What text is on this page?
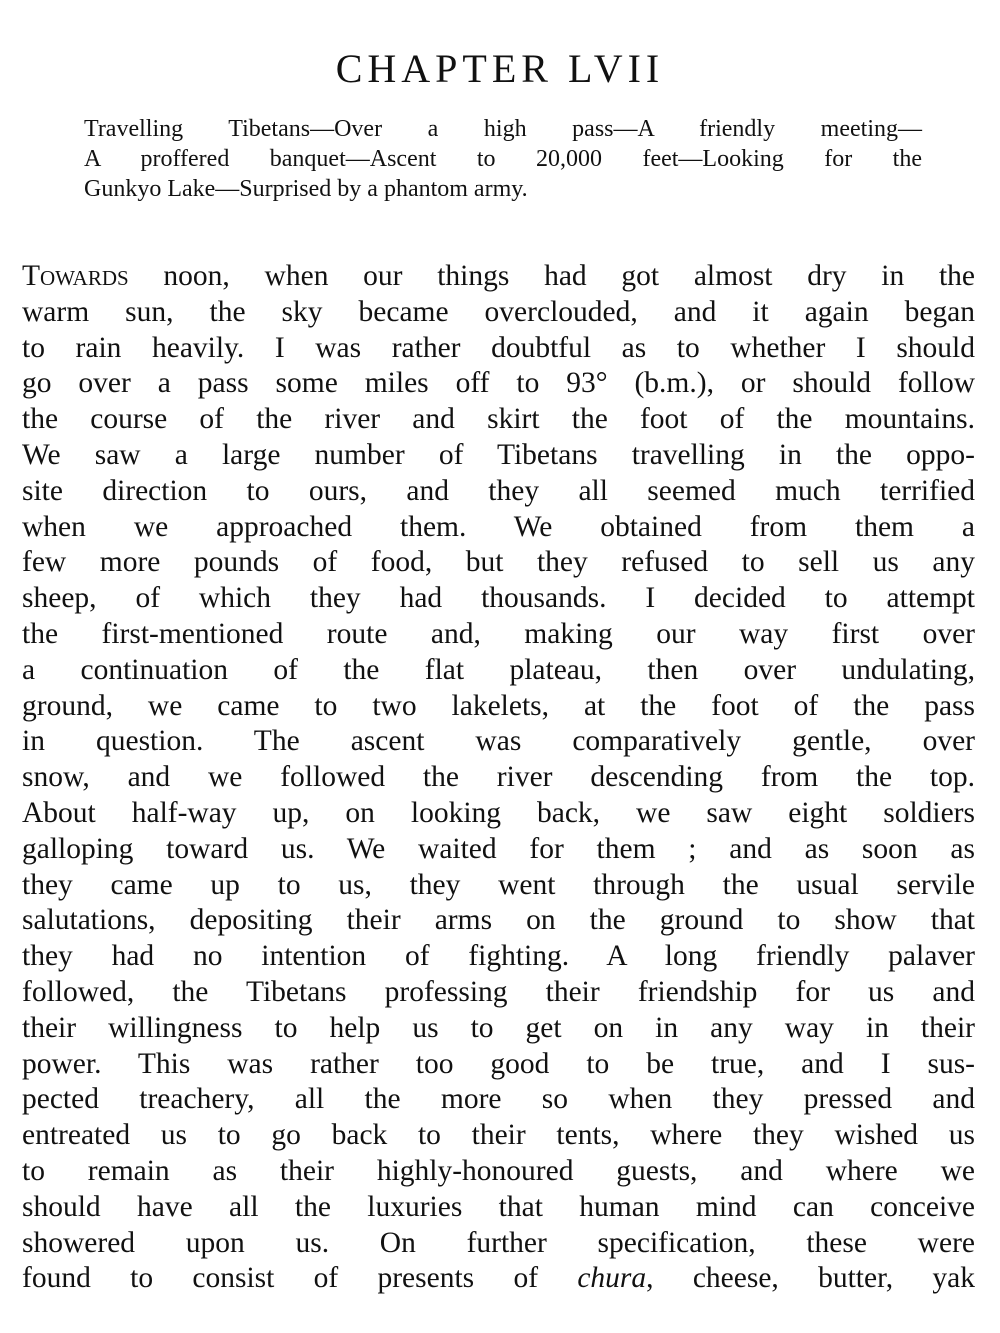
CHAPTER LVII
Travelling Tibetans—Over a high pass—A friendly meeting—
A proffered banquet—Ascent to 20,000 feet—Looking for the
Gunkyo Lake—Surprised by a phantom army.
Towards noon, when our things had got almost dry in the
warm sun, the sky became overclouded, and it again began
to rain heavily. I was rather doubtful as to whether I should
go over a pass some miles off to 93° (b.m.), or should follow
the course of the river and skirt the foot of the mountains.
We saw a large number of Tibetans travelling in the oppo-
site direction to ours, and they all seemed much terrified
when we approached them. We obtained from them a
few more pounds of food, but they refused to sell us any
sheep, of which they had thousands. I decided to attempt
the first-mentioned route and, making our way first over
a continuation of the flat plateau, then over undulating,
ground, we came to two lakelets, at the foot of the pass
in question. The ascent was comparatively gentle, over
snow, and we followed the river descending from the top.
About half-way up, on looking back, we saw eight soldiers
galloping toward us. We waited for them ; and as soon as
they came up to us, they went through the usual servile
salutations, depositing their arms on the ground to show that
they had no intention of fighting. A long friendly palaver
followed, the Tibetans professing their friendship for us and
their willingness to help us to get on in any way in their
power. This was rather too good to be true, and I sus-
pected treachery, all the more so when they pressed and
entreated us to go back to their tents, where they wished us
to remain as their highly-honoured guests, and where we
should have all the luxuries that human mind can conceive
showered upon us. On further specification, these were
found to consist of presents of chura, cheese, butter, yak
